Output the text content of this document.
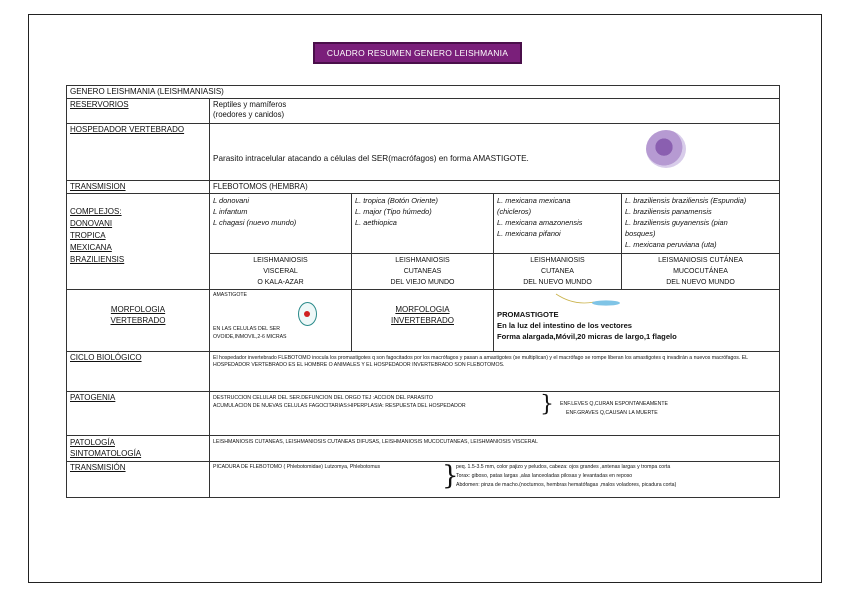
CUADRO RESUMEN GENERO LEISHMANIA
GENERO LEISHMANIA (LEISHMANIASIS)				
RESERVORIOS	Reptiles y mamíferos
(roedores y canidos)			

HOSPEDADOR VERTEBRADO	Parasito intracelular atacando a células del SER(macrófagos) en forma AMASTIGOTE.			

TRANSMISION	FLEBOTOMOS (HEMBRA)			

COMPLEJOS:
DONOVANI
TROPICA
MEXICANA
BRAZILIENSIS	L donovani
L infantum
L chagasi (nuevo mundo)	L. tropica (Botón Oriente)
L. major (Tipo húmedo)
L. aethiopica	L. mexicana mexicana
(chicleros)
L. mexicana amazonensis
L. mexicana pifanoi	L. braziliensis braziliensis (Espundia)
L. braziliensis panamensis
L. braziliensis guyanensis (pian
bosques)
L. mexicana peruviana (uta)

	LEISHMANIOSIS
VISCERAL
O KALA-AZAR	LEISHMANIOSIS
CUTANEAS
DEL VIEJO MUNDO	LEISHMANIOSIS
CUTANEA
DEL NUEVO MUNDO	LEISMANIOSIS CUTÁNEA
MUCOCUTÁNEA
DEL NUEVO MUNDO

MORFOLOGIA
VERTEBRADO	AMASTIGOTE
EN LAS CELULAS DEL SER
OVOIDE,INMOVIL,2-6 MICRAS	MORFOLOGIA
INVERTEBRADO	PROMASTIGOTE
En la luz del intestino de los vectores
Forma alargada,Móvil,20 micras de largo,1 flagelo	

CICLO BIOLÓGICO	El hospedador invertebrado FLEBOTOMO inocula los promastigotes q son fagocitados por los macrófagos y pasan a amastigotes (se multiplican) y el macrófago se rompe liberan los amastigotes q invadirán a nuevos macrófagos. EL HOSPEDADOR VERTEBRADO ES EL HOMBRE O ANIMALES Y EL HOSPEDADOR INVERTEBRADO SON FLEBOTOMOS.			
PATOGENIA	DESTRUCCION CELULAR DEL SER.DEFUNCION DEL ORGO TEJ :ACCION DEL PARASITO
ACUMULACION DE NUEVAS CELULAS FAGOCITARIAS:HIPERPLASIA: RESPUESTA DEL HOSPEDADOR } ENF.LEVES Q,CURAN ESPONTANEAMENTE
ENF.GRAVES Q,CAUSAN LA MUERTE			

PATOLOGÍA
SINTOMATOLOGÍA	LEISHMANIOSIS CUTANEAS, LEISHMANIOSIS CUTANEAS DIFUSAS, LEISHMANIOSIS MUCOCUTANEAS, LEISHMANIOSIS VISCERAL			
TRANSMISIÓN	PICADURA DE FLEBOTOMO ( Phlebotomidae) Lutzomya, Phlebotomus }
peq. 1.5-3.5 mm, color pajizo y peludos, cabeza: ojos grandes ,antenas largas y trompa corta
Torax: giboso, patas largas ,alas lanceoladas pilosas y levantadas en reposo
Abdomen: pinza de macho.(nocturnos, hembras hematófagas ,malos voladores, picadura corta)			
